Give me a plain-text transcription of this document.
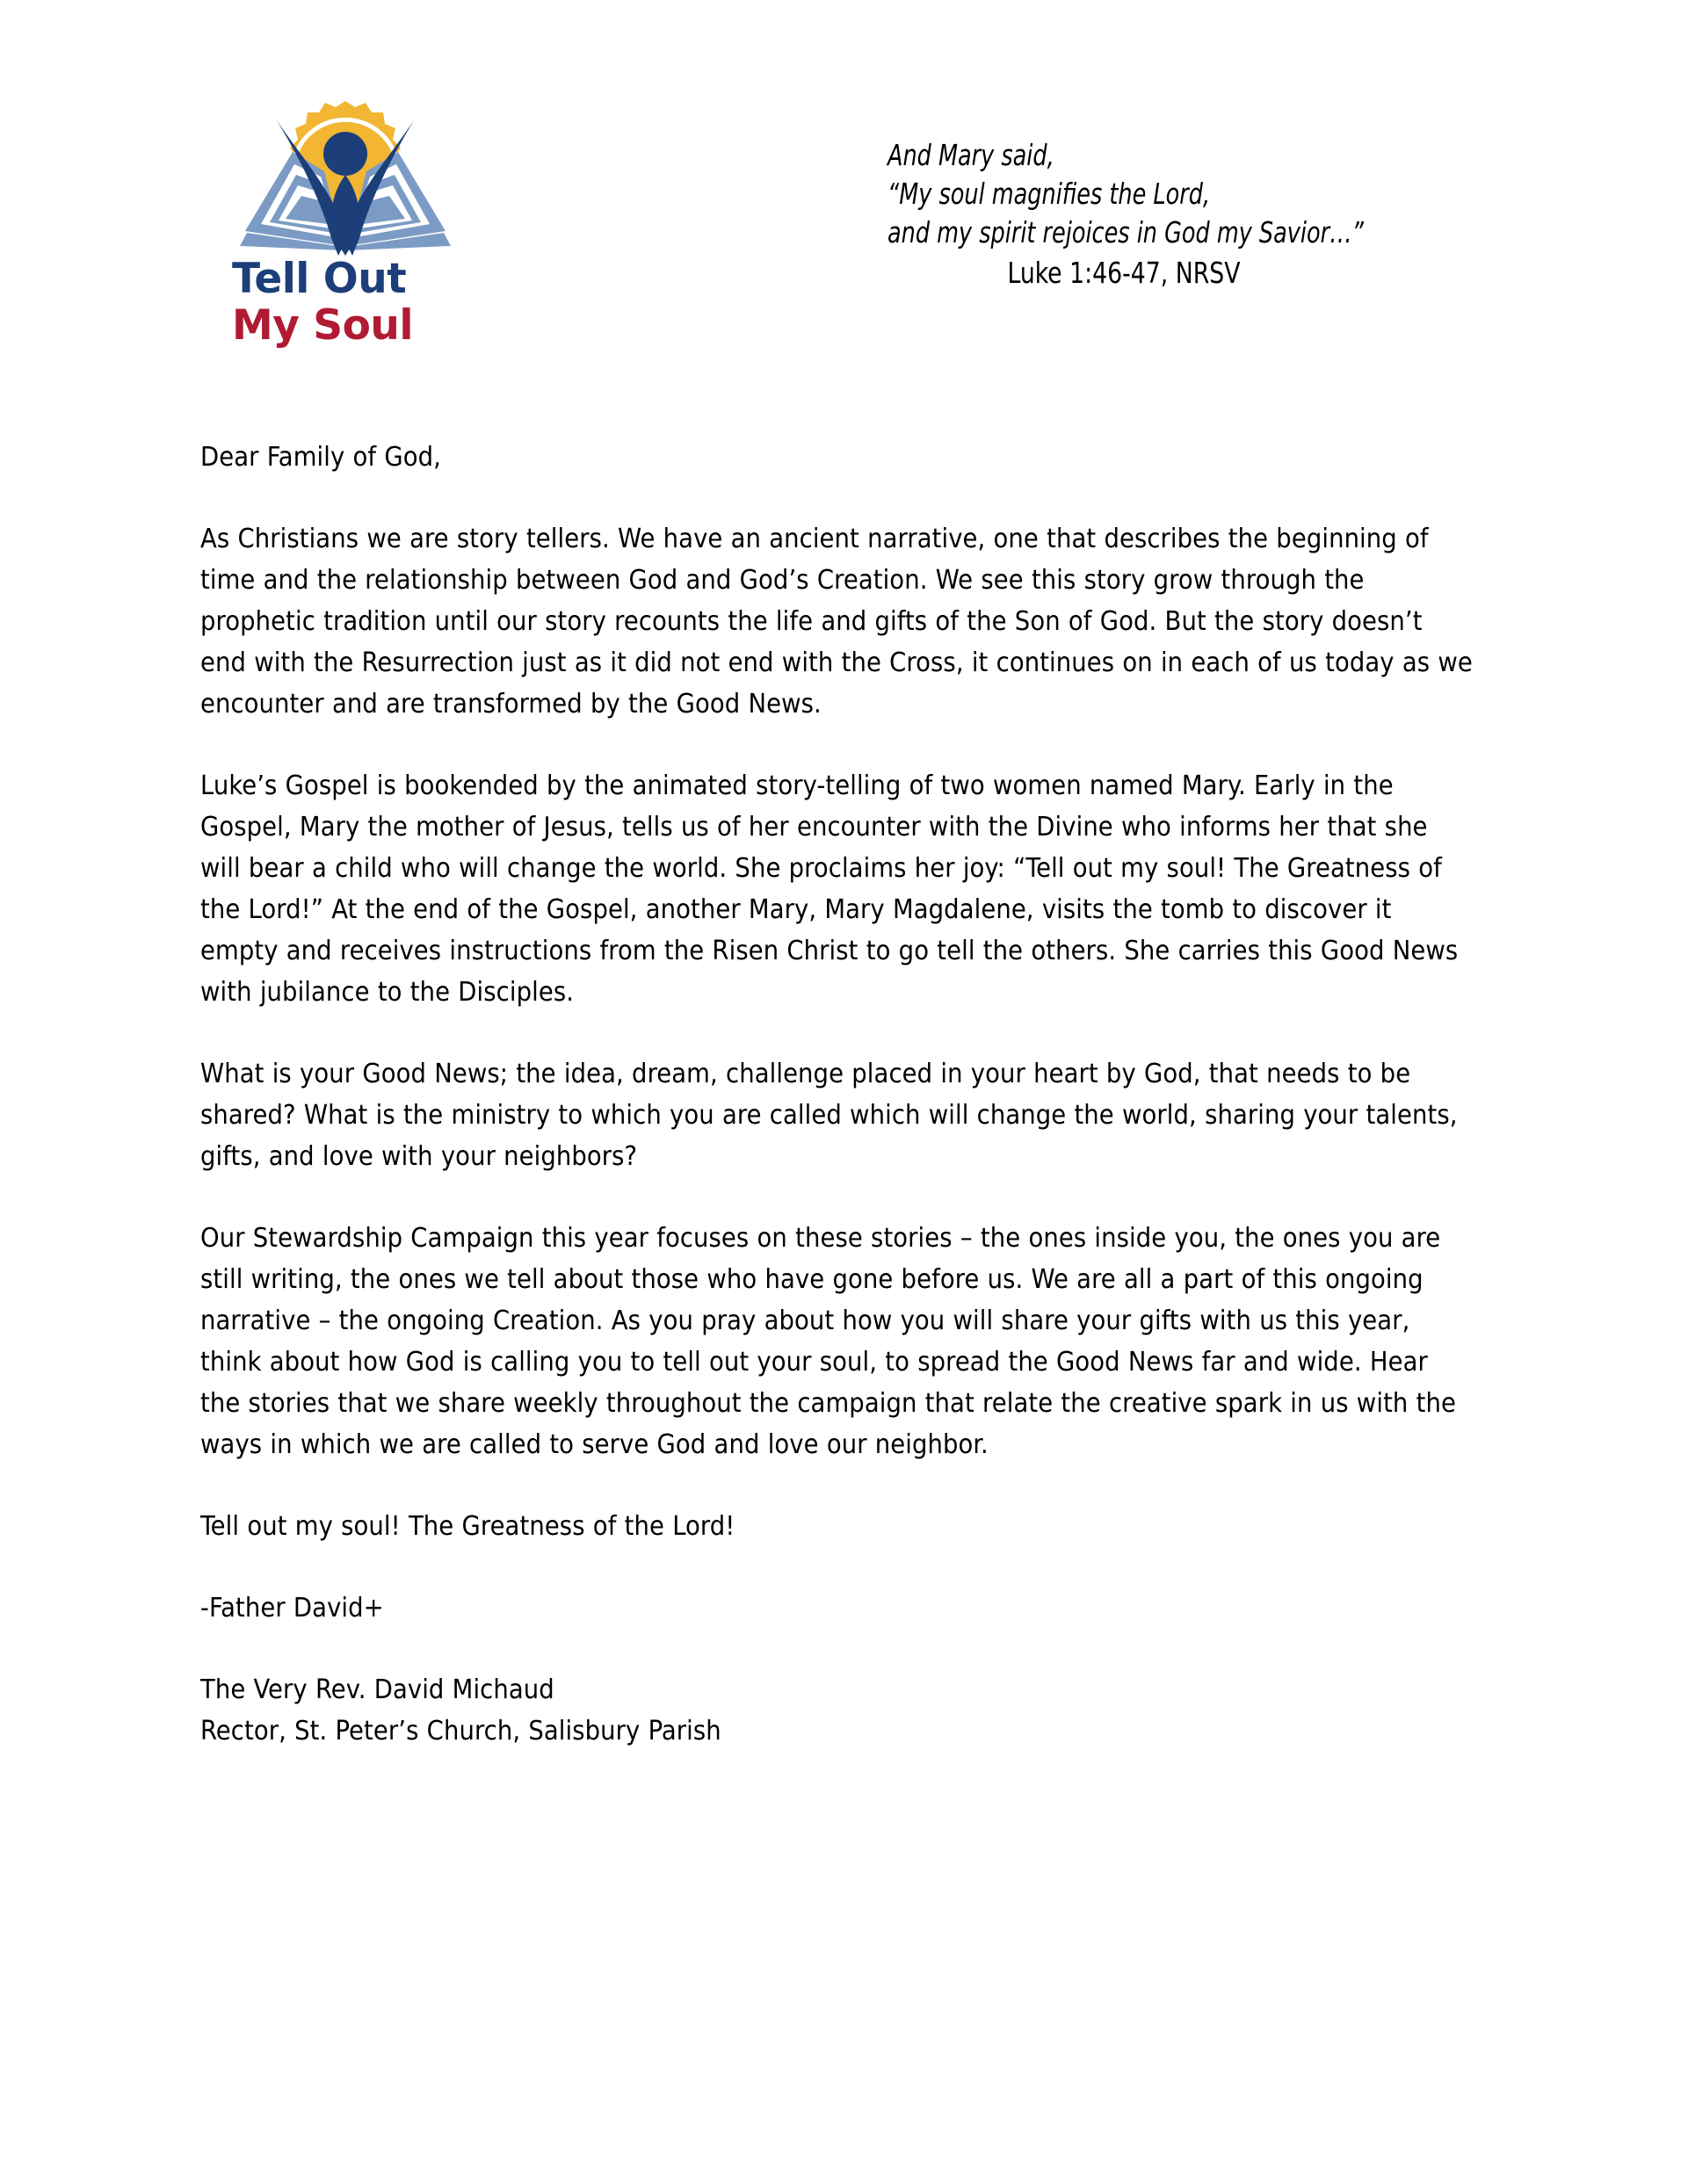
Tell Out
My Soul
And Mary said,
“My soul magnifies the Lord,
and my spirit rejoices in God my Savior…”
Luke 1:46-47, NRSV

Dear Family of God,

As Christians we are story tellers. We have an ancient narrative, one that describes the beginning of time and the relationship between God and God’s Creation. We see this story grow through the prophetic tradition until our story recounts the life and gifts of the Son of God. But the story doesn’t end with the Resurrection just as it did not end with the Cross, it continues on in each of us today as we encounter and are transformed by the Good News.

Luke’s Gospel is bookended by the animated story-telling of two women named Mary. Early in the Gospel, Mary the mother of Jesus, tells us of her encounter with the Divine who informs her that she will bear a child who will change the world. She proclaims her joy: “Tell out my soul! The Greatness of the Lord!” At the end of the Gospel, another Mary, Mary Magdalene, visits the tomb to discover it empty and receives instructions from the Risen Christ to go tell the others. She carries this Good News with jubilance to the Disciples.

What is your Good News; the idea, dream, challenge placed in your heart by God, that needs to be shared? What is the ministry to which you are called which will change the world, sharing your talents, gifts, and love with your neighbors?

Our Stewardship Campaign this year focuses on these stories – the ones inside you, the ones you are still writing, the ones we tell about those who have gone before us. We are all a part of this ongoing narrative – the ongoing Creation. As you pray about how you will share your gifts with us this year, think about how God is calling you to tell out your soul, to spread the Good News far and wide. Hear the stories that we share weekly throughout the campaign that relate the creative spark in us with the ways in which we are called to serve God and love our neighbor.

Tell out my soul! The Greatness of the Lord!

-Father David+

The Very Rev. David Michaud
Rector, St. Peter’s Church, Salisbury Parish
